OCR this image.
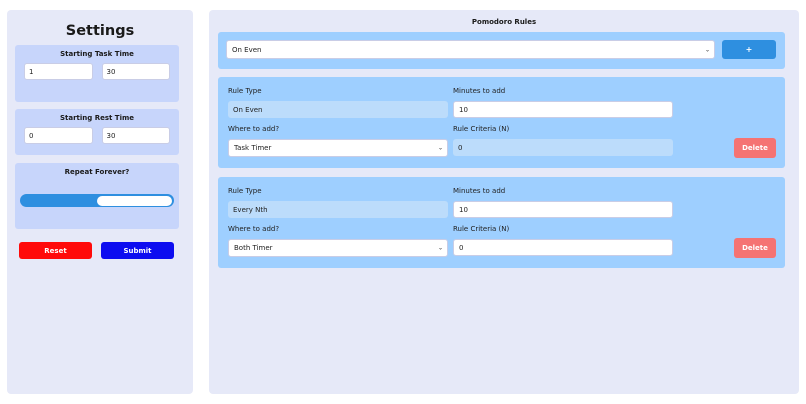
Settings
Starting Task Time
1	30
Starting Rest Time
0	30
Repeat Forever?
Reset	Submit
Pomodoro Rules
On Even	⌄	+
Rule Type	Minutes to add
On Even	10
Where to add?	Rule Criteria (N)
Task Timer	⌄	0	Delete
Rule Type	Minutes to add
Every Nth	10
Where to add?	Rule Criteria (N)
Both Timer	⌄	0	Delete
